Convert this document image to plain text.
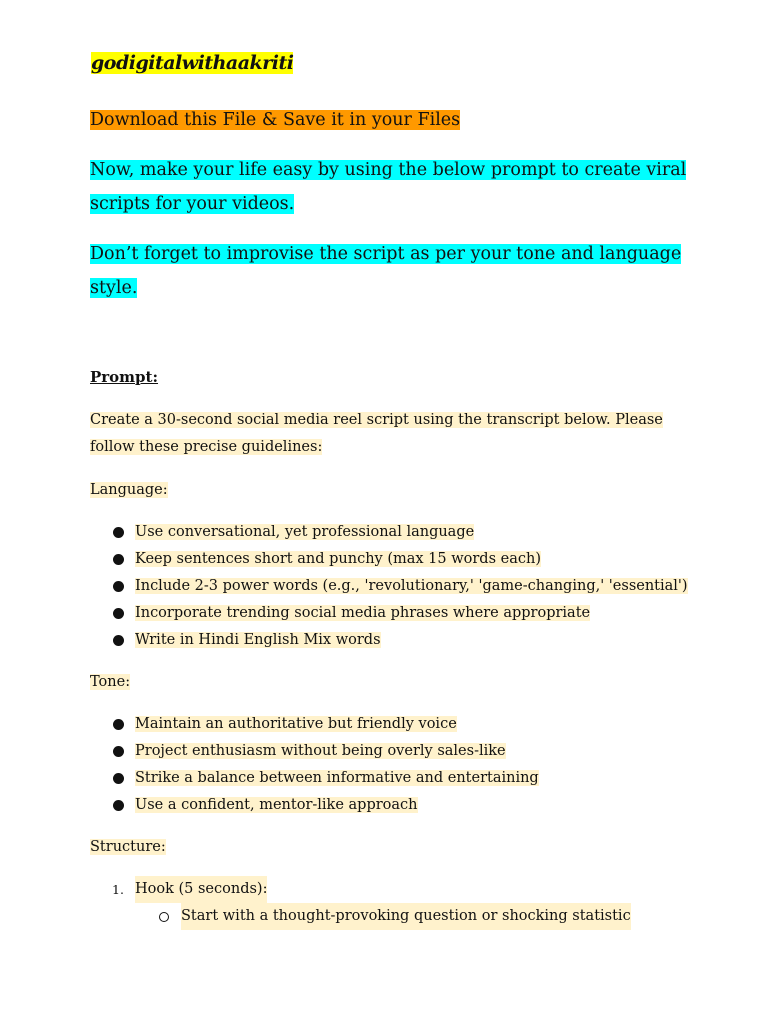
godigitalwithaakriti
Download this File & Save it in your Files
Now, make your life easy by using the below prompt to create viral scripts for your videos.
Don’t forget to improvise the script as per your tone and language style.
Prompt:
Create a 30-second social media reel script using the transcript below. Please follow these precise guidelines:
Language:
Use conversational, yet professional language
Keep sentences short and punchy (max 15 words each)
Include 2-3 power words (e.g., 'revolutionary,' 'game-changing,' 'essential')
Incorporate trending social media phrases where appropriate
Write in Hindi English Mix words
Tone:
Maintain an authoritative but friendly voice
Project enthusiasm without being overly sales-like
Strike a balance between informative and entertaining
Use a confident, mentor-like approach
Structure:
1. Hook (5 seconds):
Start with a thought-provoking question or shocking statistic
